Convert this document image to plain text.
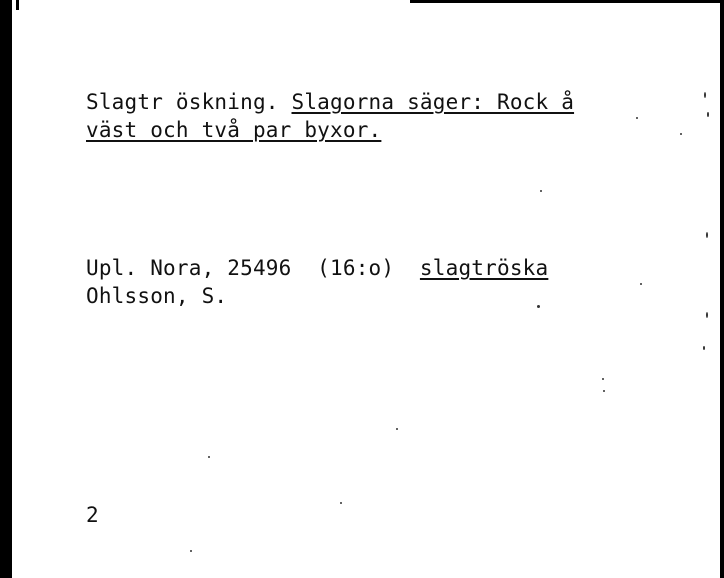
Slagtr öskning. Slagorna säger: Rock å
väst och två par byxor.
Upl. Nora, 25496  (16:o)  slagtröska
Ohlsson, S.
2
